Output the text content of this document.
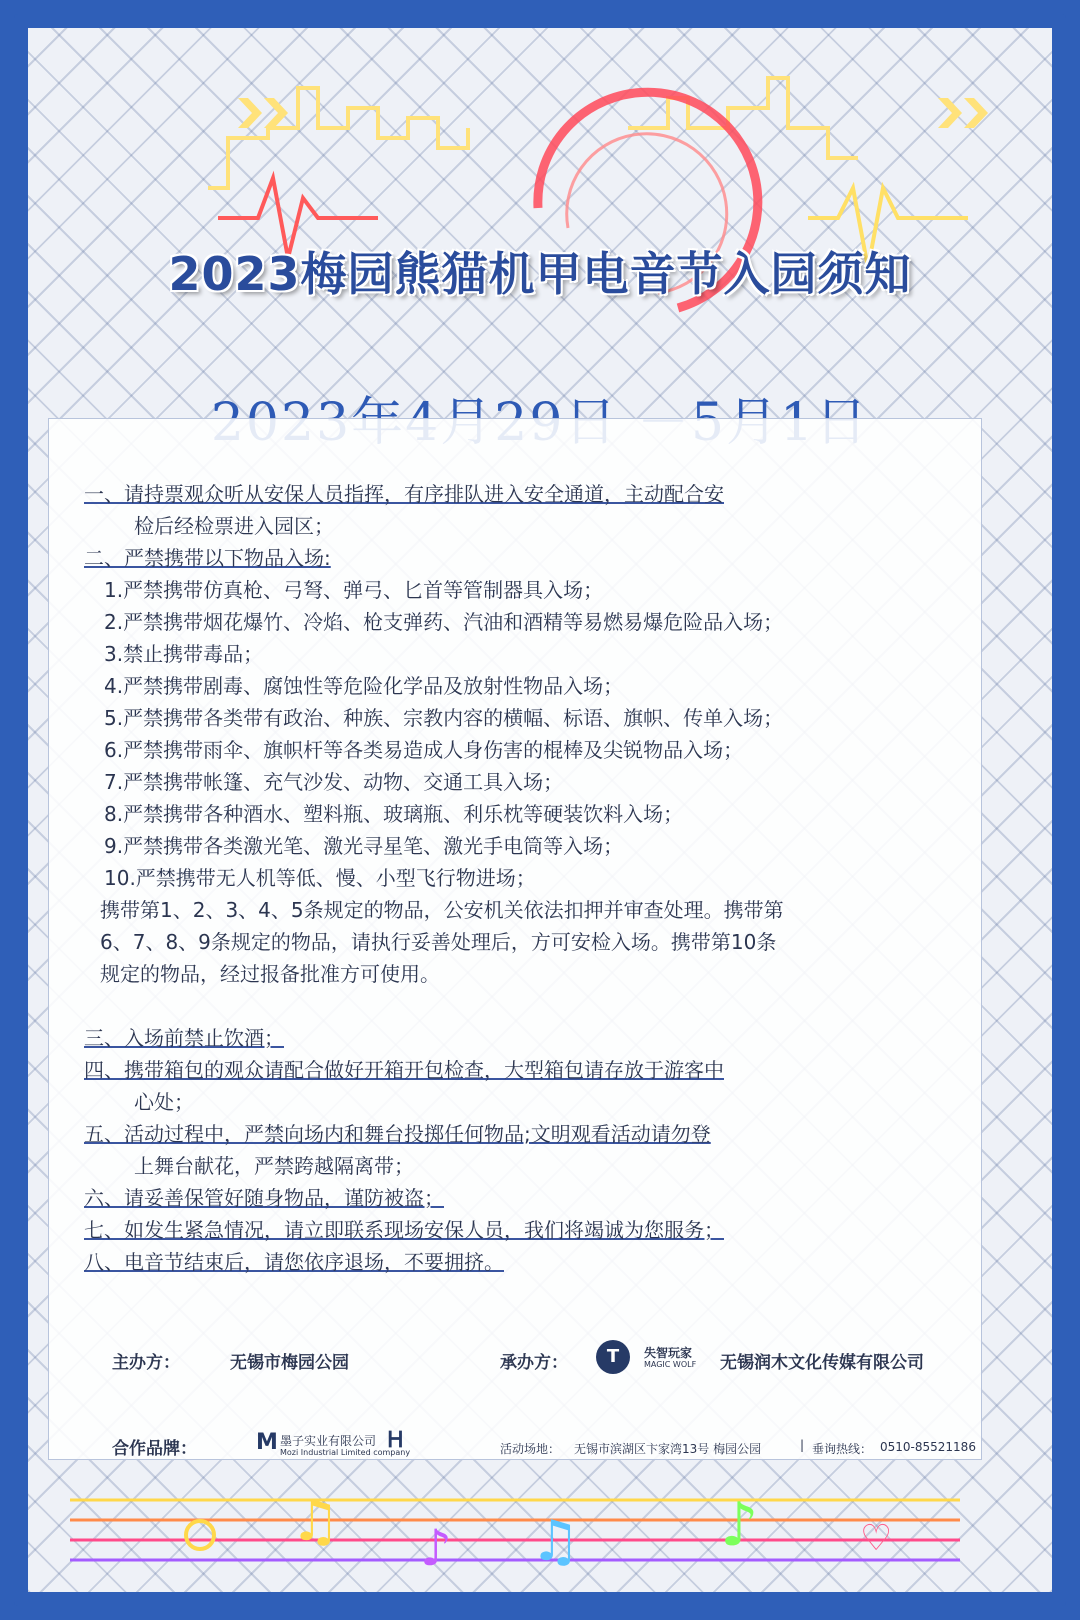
2023梅园熊猫机甲电音节入园须知
一、请持票观众听从安保人员指挥，有序排队进入安全通道，主动配合安
检后经检票进入园区；
二、严禁携带以下物品入场:
1.严禁携带仿真枪、弓弩、弹弓、匕首等管制器具入场；
2.严禁携带烟花爆竹、冷焰、枪支弹药、汽油和酒精等易燃易爆危险品入场；
3.禁止携带毒品；
4.严禁携带剧毒、腐蚀性等危险化学品及放射性物品入场；
5.严禁携带各类带有政治、种族、宗教内容的横幅、标语、旗帜、传单入场；
6.严禁携带雨伞、旗帜杆等各类易造成人身伤害的棍棒及尖锐物品入场；
7.严禁携带帐篷、充气沙发、动物、交通工具入场；
8.严禁携带各种酒水、塑料瓶、玻璃瓶、利乐枕等硬装饮料入场；
9.严禁携带各类激光笔、激光寻星笔、激光手电筒等入场；
10.严禁携带无人机等低、慢、小型飞行物进场；
携带第1、2、3、4、5条规定的物品，公安机关依法扣押并审查处理。携带第
6、7、8、9条规定的物品，请执行妥善处理后，方可安检入场。携带第10条
规定的物品，经过报备批准方可使用。
三、入场前禁止饮酒；
四、携带箱包的观众请配合做好开箱开包检查，大型箱包请存放于游客中
心处；
五、活动过程中，严禁向场内和舞台投掷任何物品;文明观看活动请勿登
上舞台献花，严禁跨越隔离带；
六、请妥善保管好随身物品，谨防被盗；
七、如发生紧急情况，请立即联系现场安保人员，我们将竭诚为您服务；
八、电音节结束后，请您依序退场，不要拥挤。
主办方：	无锡市梅园公园	承办方：	T	失智玩家
MAGIC WOLF 无锡润木文化传媒有限公司
合作品牌：	M 墨子实业有限公司
Mozi Industrial Limited company
Ꮋ	活动场地： 无锡市滨湖区卞家湾13号 梅园公园	| 垂询热线： 0510-85521186
♫ ♪ ♫ ♪	♡
